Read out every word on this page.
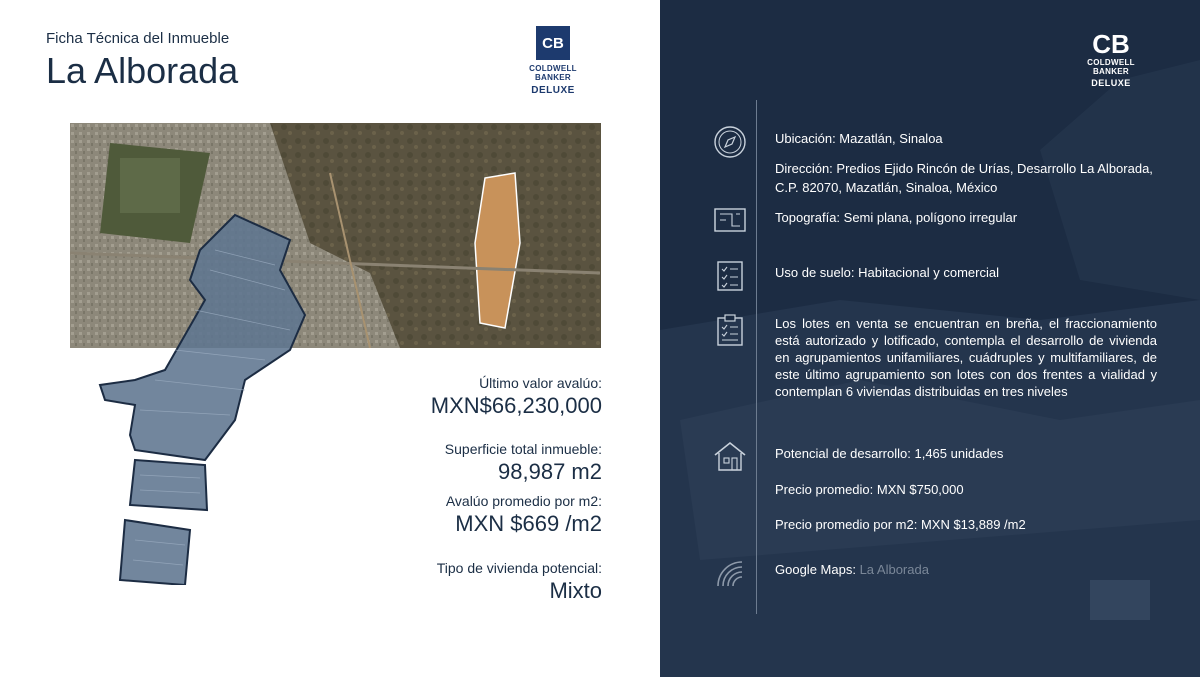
Ficha Técnica del Inmueble
La Alborada
CB
COLDWELL
BANKER
DELUXE
Último valor avalúo:
MXN$66,230,000
Superficie total inmueble:
98,987 m2
Avalúo promedio por m2:
MXN $669 /m2
Tipo de vivienda potencial:
Mixto
CB
COLDWELL
BANKER
DELUXE
Ubicación: Mazatlán, Sinaloa
Dirección: Predios Ejido Rincón de Urías, Desarrollo La Alborada, C.P. 82070, Mazatlán, Sinaloa, México
Topografía: Semi plana, polígono irregular
Uso de suelo: Habitacional y comercial
Los lotes en venta se encuentran en breña, el fraccionamiento está autorizado y lotificado, contempla el desarrollo de vivienda en agrupamientos unifamiliares, cuádruples y multifamiliares, de este último agrupamiento son lotes con dos frentes a vialidad y contemplan 6 viviendas distribuidas en tres niveles
Potencial de desarrollo: 1,465 unidades
Precio promedio: MXN $750,000
Precio promedio por m2: MXN $13,889 /m2
Google Maps: La Alborada
